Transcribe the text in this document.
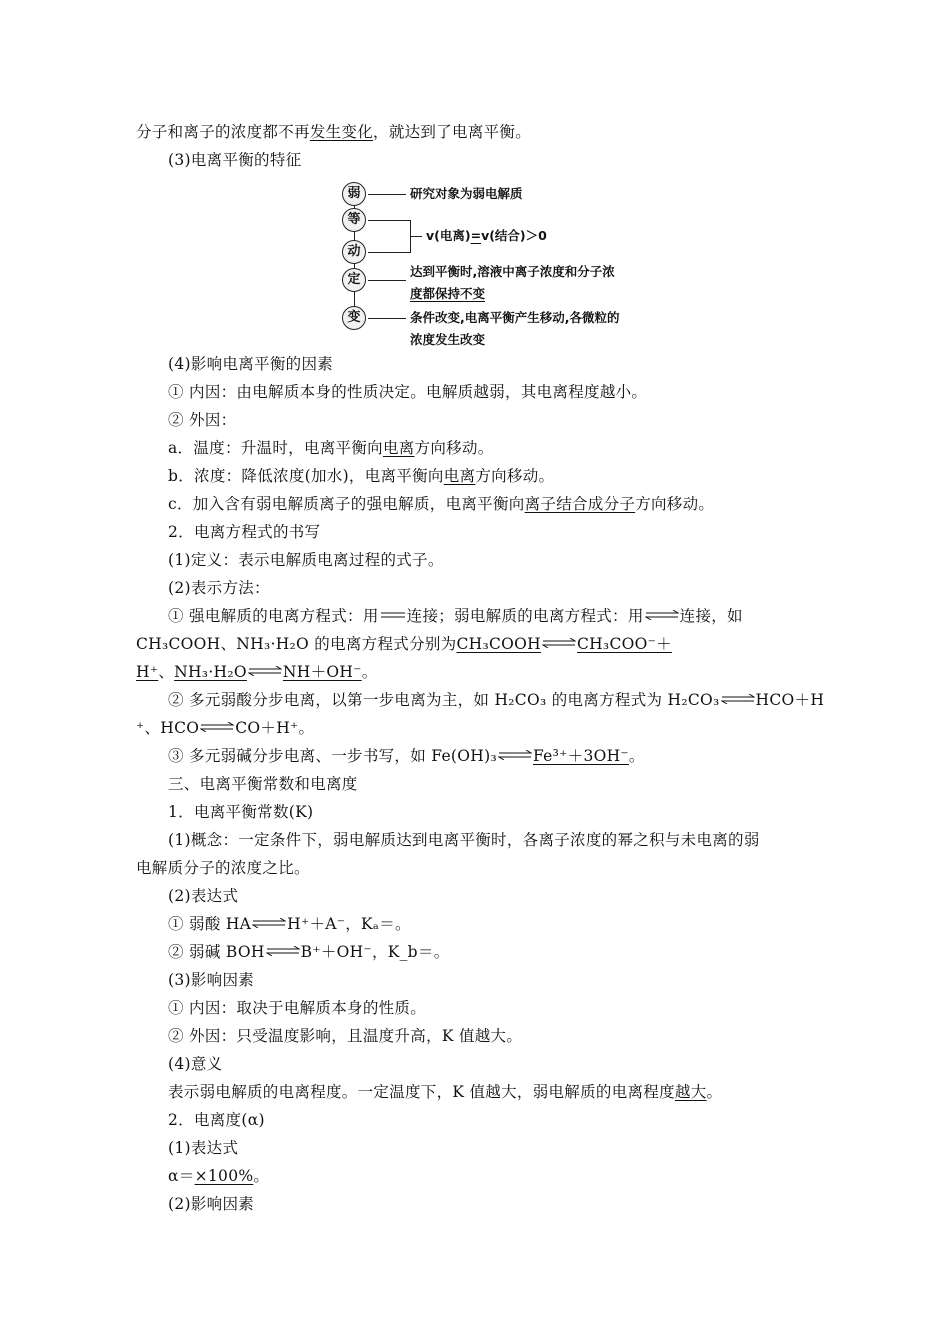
分子和离子的浓度都不再发生变化，就达到了电离平衡。
(3)电离平衡的特征
弱
等
动
定
变
研究对象为弱电解质
v(电离)=v(结合)＞0
达到平衡时,溶液中离子浓度和分子浓
度都保持不变
条件改变,电离平衡产生移动,各微粒的
浓度发生改变
(4)影响电离平衡的因素
① 内因：由电解质本身的性质决定。电解质越弱，其电离程度越小。
② 外因：
a．温度：升温时，电离平衡向电离方向移动。
b．浓度：降低浓度(加水)，电离平衡向电离方向移动。
c．加入含有弱电解质离子的强电解质，电离平衡向离子结合成分子方向移动。
2．电离方程式的书写
(1)定义：表示电解质电离过程的式子。
(2)表示方法：
① 强电解质的电离方程式：用 连接；弱电解质的电离方程式：用⇌连接，如
CH₃COOH、NH₃·H₂O 的电离方程式分别为CH₃COOH⇌CH₃COO⁻＋
H⁺、NH₃·H₂O⇌NH＋OH⁻。
② 多元弱酸分步电离，以第一步电离为主，如 H₂CO₃ 的电离方程式为 H₂CO₃⇌HCO＋H
⁺、HCO⇌CO＋H⁺。
③ 多元弱碱分步电离、一步书写，如 Fe(OH)₃⇌Fe³⁺＋3OH⁻。
三、电离平衡常数和电离度
1．电离平衡常数(K)
(1)概念：一定条件下，弱电解质达到电离平衡时，各离子浓度的幂之积与未电离的弱
电解质分子的浓度之比。
(2)表达式
① 弱酸 HA⇌H⁺＋A⁻，Kₐ＝。
② 弱碱 BOH⇌B⁺＋OH⁻，K_b＝。
(3)影响因素
① 内因：取决于电解质本身的性质。
② 外因：只受温度影响，且温度升高，K 值越大。
(4)意义
表示弱电解质的电离程度。一定温度下，K 值越大，弱电解质的电离程度越大。
2．电离度(α)
(1)表达式
α＝×100%。
(2)影响因素
